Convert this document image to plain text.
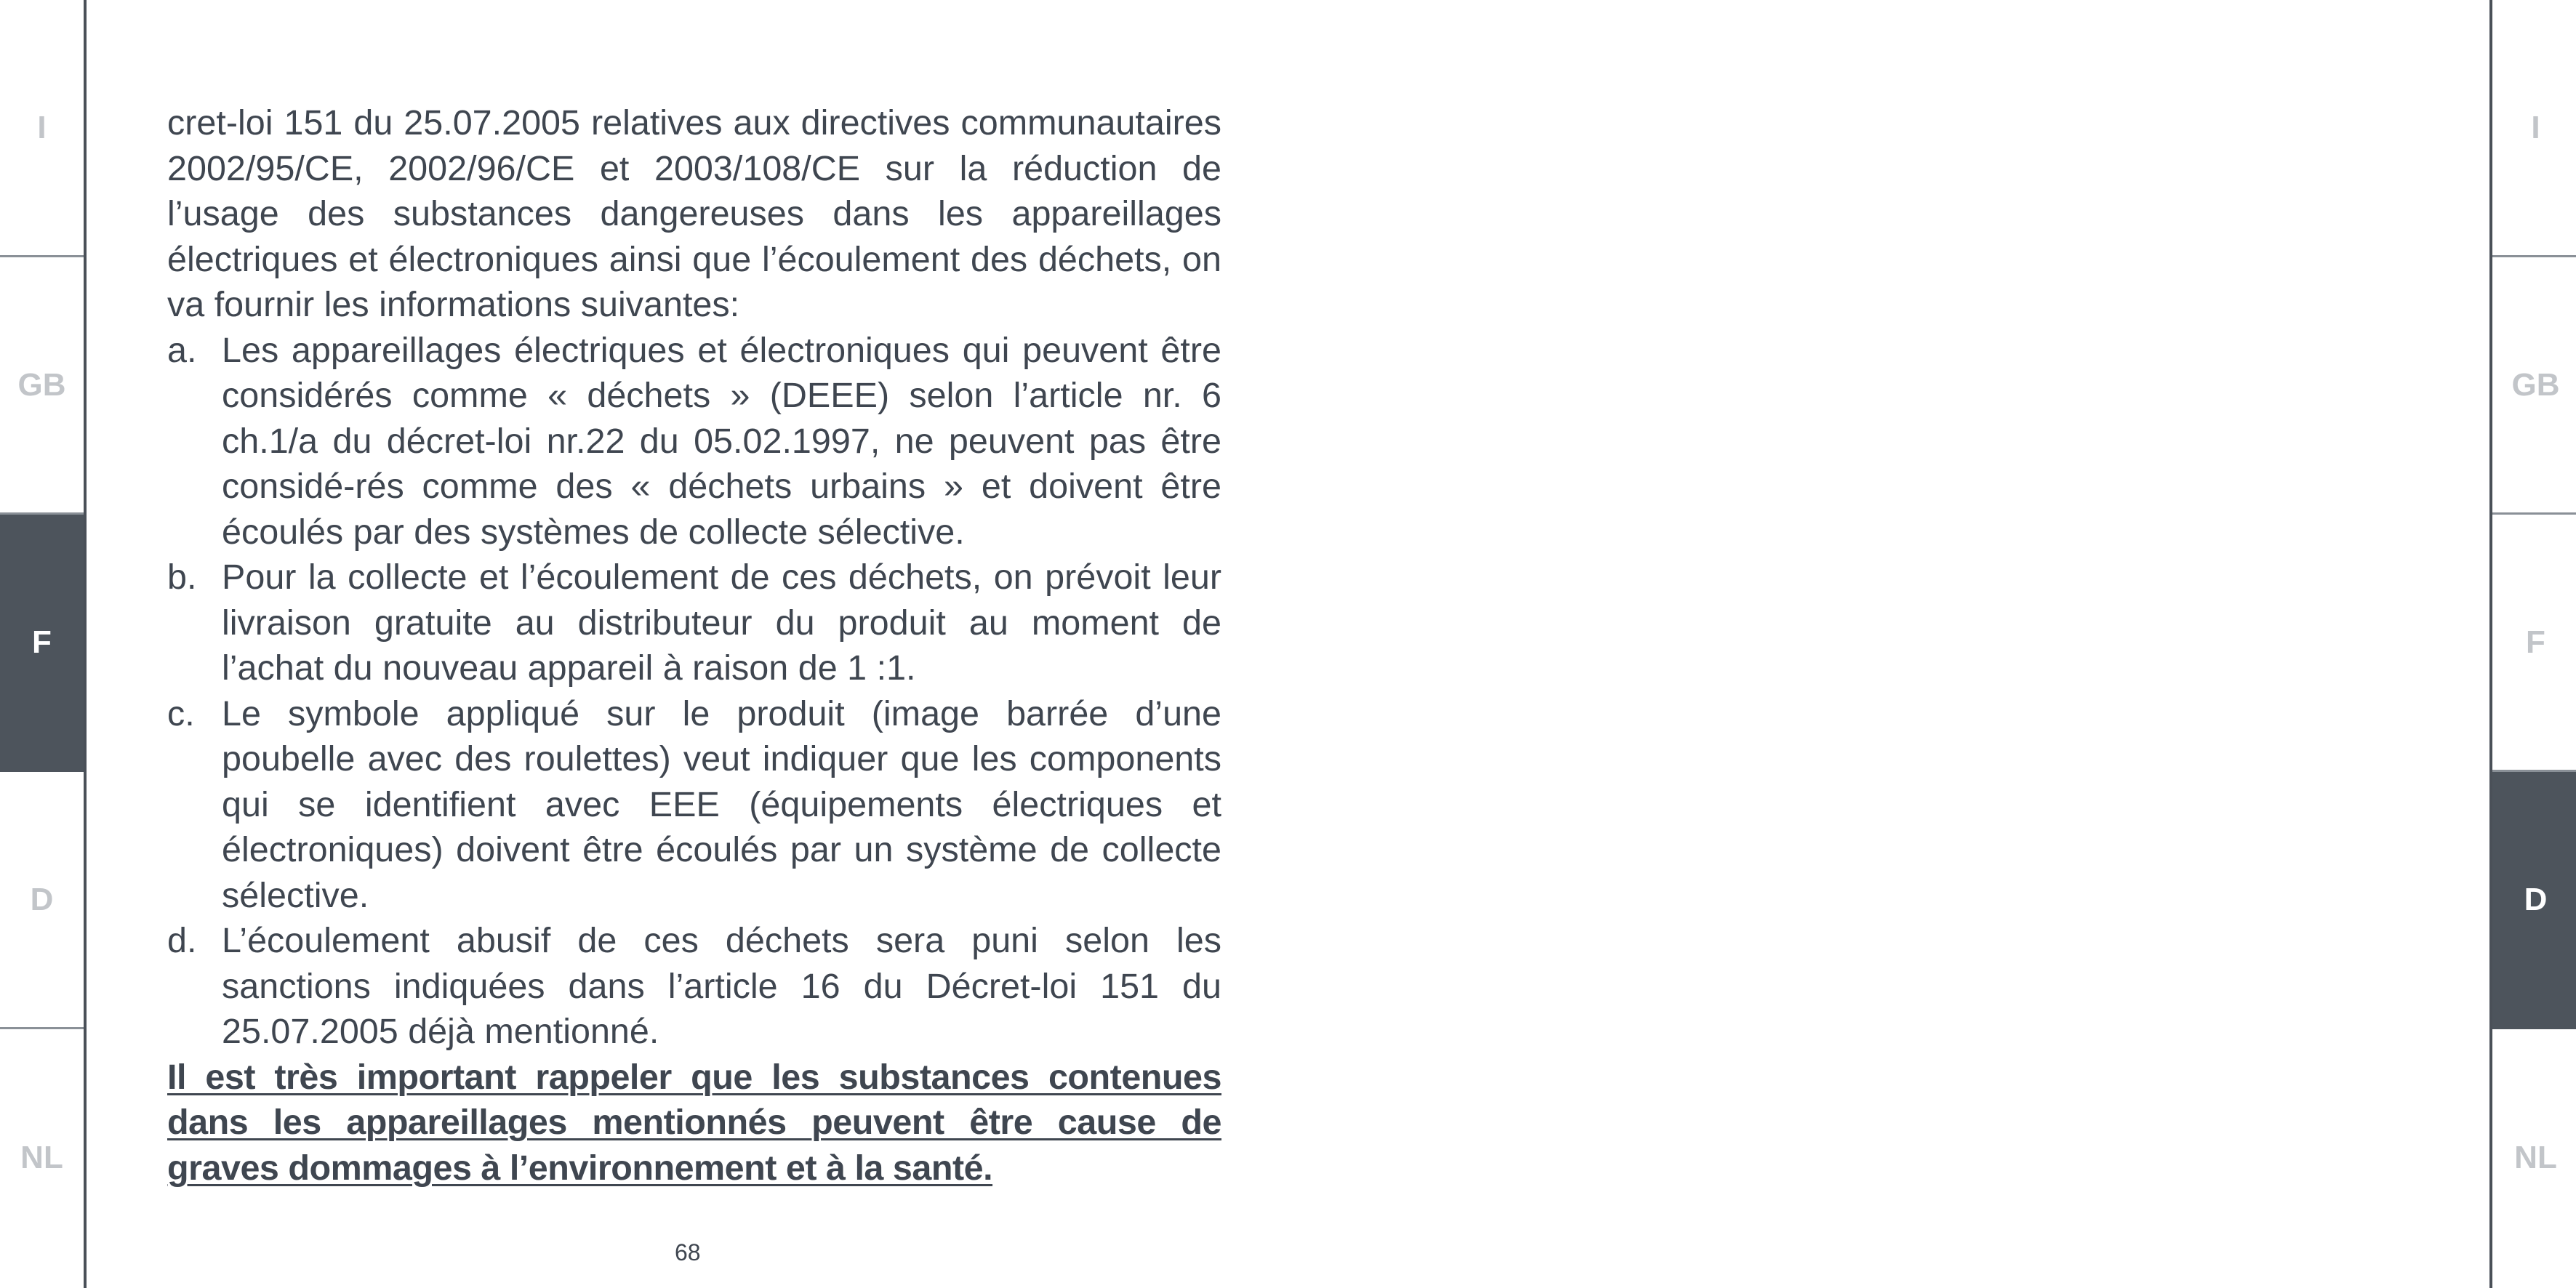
I
GB
F
D
NL
I
GB
F
D
NL

cret-loi 151 du 25.07.2005 relatives aux directives communautaires 2002/95/CE, 2002/96/CE et 2003/108/CE sur la réduction de l’usage des substances dangereuses dans les appareillages électriques et électroniques ainsi que l’écoulement des déchets, on va fournir les informations suivantes:

a. Les appareillages électriques et électroniques qui peuvent être considérés comme « déchets » (DEEE) selon l’article nr. 6 ch.1/a du décret-loi nr.22 du 05.02.1997, ne peuvent pas être considé-rés comme des « déchets urbains » et doivent être écoulés par des systèmes de collecte sélective.
b. Pour la collecte et l’écoulement de ces déchets, on prévoit leur livraison gratuite au distributeur du produit au moment de l’achat du nouveau appareil à raison de 1 :1.
c. Le symbole appliqué sur le produit (image barrée d’une poubelle avec des roulettes) veut indiquer que les components qui se identifient avec EEE (équipements électriques et électroniques) doivent être écoulés par un système de collecte sélective.
d. L’écoulement abusif de ces déchets sera puni selon les sanctions indiquées dans l’article 16 du Décret-loi 151 du 25.07.2005 déjà mentionné.

Il est très important rappeler que les substances contenues dans les appareillages mentionnés peuvent être cause de graves dommages à l’environnement et à la santé.

68
